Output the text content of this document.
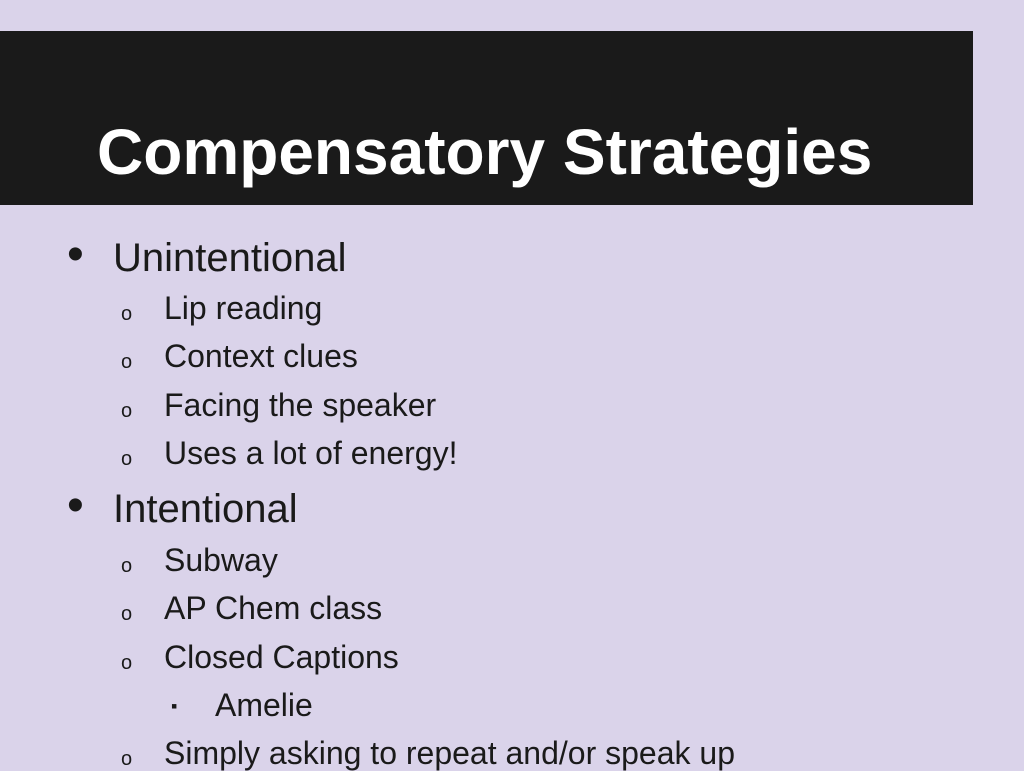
Compensatory Strategies
• Unintentional
o Lip reading
o Context clues
o Facing the speaker
o Uses a lot of energy!
• Intentional
o Subway
o AP Chem class
o Closed Captions
▪ Amelie
o Simply asking to repeat and/or speak up
